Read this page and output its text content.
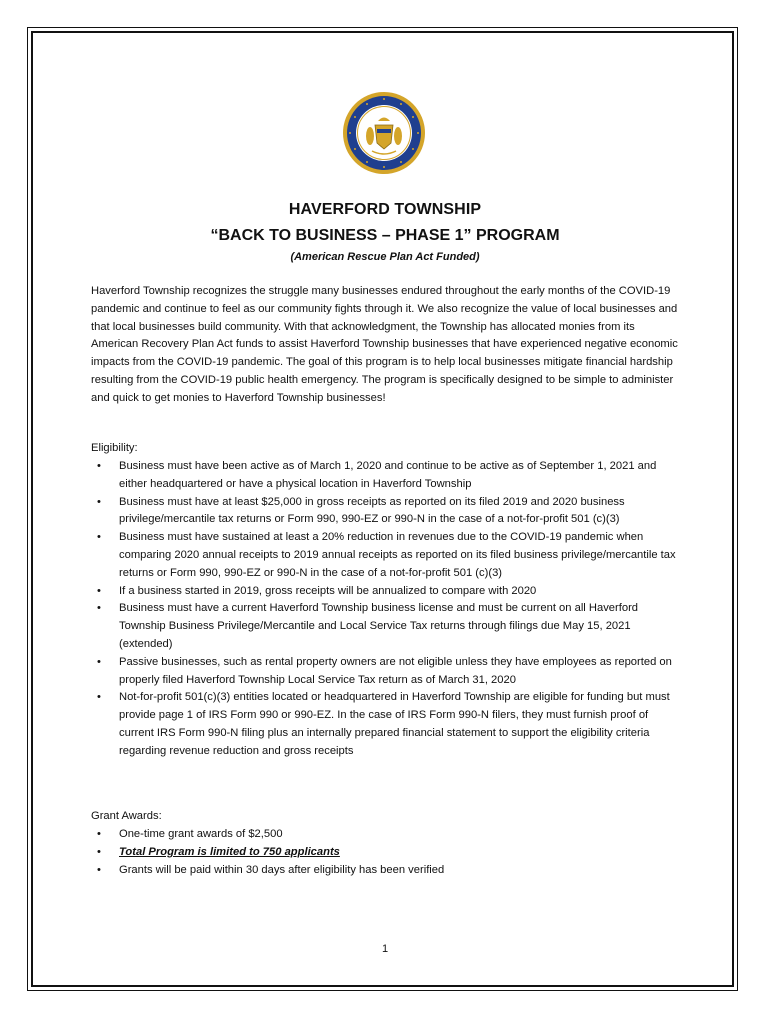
HAVERFORD TOWNSHIP
“BACK TO BUSINESS – PHASE 1” PROGRAM

(American Rescue Plan Act Funded)

Haverford Township recognizes the struggle many businesses endured throughout the early months of the COVID-19 pandemic and continue to feel as our community fights through it. We also recognize the value of local businesses and that local businesses build community. With that acknowledgment, the Township has allocated monies from its American Recovery Plan Act funds to assist Haverford Township businesses that have experienced negative economic impacts from the COVID-19 pandemic. The goal of this program is to help local businesses mitigate financial hardship resulting from the COVID-19 public health emergency. The program is specifically designed to be simple to administer and quick to get monies to Haverford Township businesses!

Eligibility:

• Business must have been active as of March 1, 2020 and continue to be active as of September 1, 2021 and either headquartered or have a physical location in Haverford Township
• Business must have at least $25,000 in gross receipts as reported on its filed 2019 and 2020 business privilege/mercantile tax returns or Form 990, 990-EZ or 990-N in the case of a not-for-profit 501 (c)(3)
• Business must have sustained at least a 20% reduction in revenues due to the COVID-19 pandemic when comparing 2020 annual receipts to 2019 annual receipts as reported on its filed business privilege/mercantile tax returns or Form 990, 990-EZ or 990-N in the case of a not-for-profit 501 (c)(3)
• If a business started in 2019, gross receipts will be annualized to compare with 2020
• Business must have a current Haverford Township business license and must be current on all Haverford Township Business Privilege/Mercantile and Local Service Tax returns through filings due May 15, 2021 (extended)
• Passive businesses, such as rental property owners are not eligible unless they have employees as reported on properly filed Haverford Township Local Service Tax return as of March 31, 2020
• Not-for-profit 501(c)(3) entities located or headquartered in Haverford Township are eligible for funding but must provide page 1 of IRS Form 990 or 990-EZ. In the case of IRS Form 990-N filers, they must furnish proof of current IRS Form 990-N filing plus an internally prepared financial statement to support the eligibility criteria regarding revenue reduction and gross receipts

Grant Awards:

• One-time grant awards of $2,500
• Total Program is limited to 750 applicants
• Grants will be paid within 30 days after eligibility has been verified
1
